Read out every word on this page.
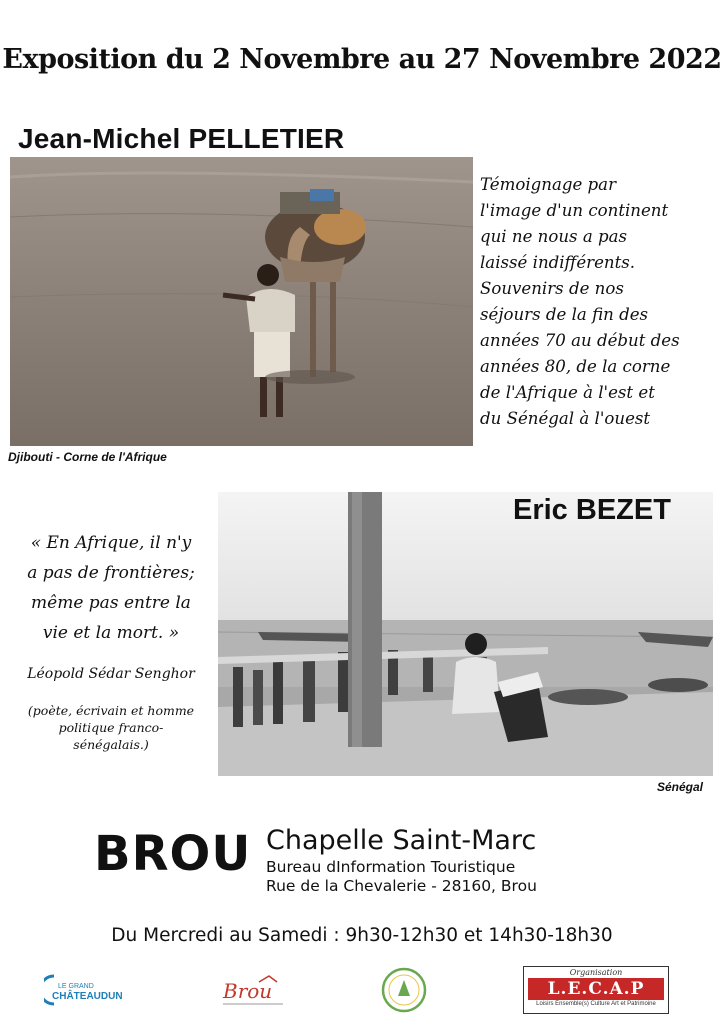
Exposition du 2 Novembre au 27 Novembre 2022
Jean-Michel PELLETIER
Djibouti - Corne de l'Afrique
Témoignage par
l'image d'un continent
qui ne nous a pas
laissé indifférents.
Souvenirs de nos
séjours de la fin des
années 70 au début des
années 80, de la corne
de l'Afrique à l'est et
du Sénégal à l'ouest
Eric BEZET
Sénégal
« En Afrique, il n'y
a pas de frontières;
même pas entre la
vie et la mort. »
Léopold Sédar Senghor
(poète, écrivain et homme
politique franco-
sénégalais.)
BROU Chapelle Saint-Marc
Bureau dInformation Touristique
Rue de la Chevalerie - 28160, Brou
Du Mercredi au Samedi : 9h30-12h30 et 14h30-18h30
LE GRAND
CHÂTEAUDUN	Brou
Organisation
L.E.C.A.P
Loisirs Ensemble(s) Culture Art et Patrimoine
